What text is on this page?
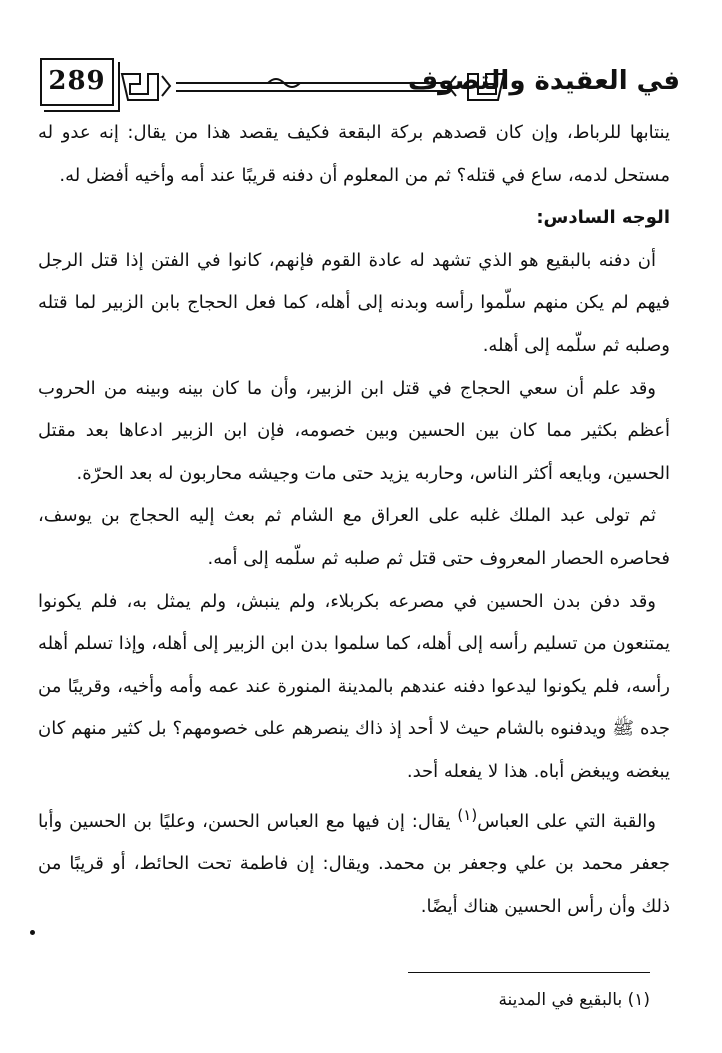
289	في العقيدة والتصوف

ينتابها للرباط، وإن كان قصدهم بركة البقعة فكيف يقصد هذا من يقال: إنه عدو له مستحل لدمه، ساع في قتله؟ ثم من المعلوم أن دفنه قريبًا عند أمه وأخيه أفضل له.

الوجه السادس:

أن دفنه بالبقيع هو الذي تشهد له عادة القوم فإنهم، كانوا في الفتن إذا قتل الرجل فيهم لم يكن منهم سلّموا رأسه وبدنه إلى أهله، كما فعل الحجاج بابن الزبير لما قتله وصلبه ثم سلّمه إلى أهله.

وقد علم أن سعي الحجاج في قتل ابن الزبير، وأن ما كان بينه وبينه من الحروب أعظم بكثير مما كان بين الحسين وبين خصومه، فإن ابن الزبير ادعاها بعد مقتل الحسين، وبايعه أكثر الناس، وحاربه يزيد حتى مات وجيشه محاربون له بعد الحرّة.

ثم تولى عبد الملك غلبه على العراق مع الشام ثم بعث إليه الحجاج بن يوسف، فحاصره الحصار المعروف حتى قتل ثم صلبه ثم سلّمه إلى أمه.

وقد دفن بدن الحسين في مصرعه بكربلاء، ولم ينبش، ولم يمثل به، فلم يكونوا يمتنعون من تسليم رأسه إلى أهله، كما سلموا بدن ابن الزبير إلى أهله، وإذا تسلم أهله رأسه، فلم يكونوا ليدعوا دفنه عندهم بالمدينة المنورة عند عمه وأمه وأخيه، وقريبًا من جده ﷺ ويدفنوه بالشام حيث لا أحد إذ ذاك ينصرهم على خصومهم؟ بل كثير منهم كان يبغضه ويبغض أباه. هذا لا يفعله أحد.

والقبة التي على العباس$^{(١)}$ يقال: إن فيها مع العباس الحسن، وعليًا بن الحسين وأبا جعفر محمد بن علي وجعفر بن محمد. ويقال: إن فاطمة تحت الحائط، أو قريبًا من ذلك وأن رأس الحسين هناك أيضًا.

(١) بالبقيع في المدينة
